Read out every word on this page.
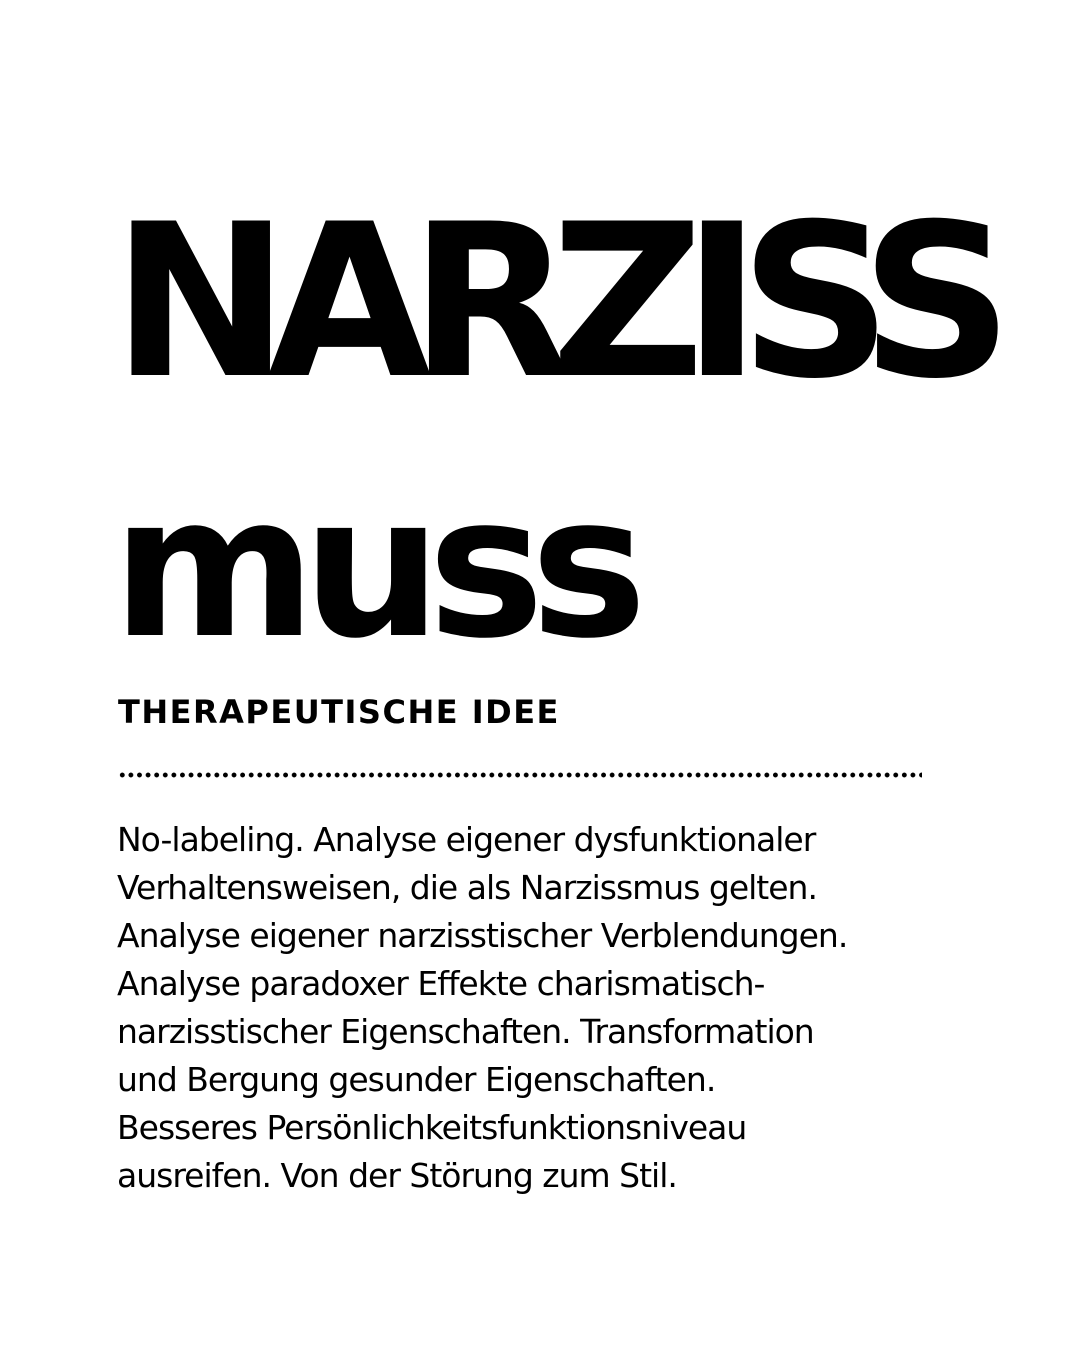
NARZISS
muss
THERAPEUTISCHE IDEE

No-labeling. Analyse eigener dysfunktionaler
Verhaltensweisen, die als Narzissmus gelten.
Analyse eigener narzisstischer Verblendungen.
Analyse paradoxer Effekte charismatisch-
narzisstischer Eigenschaften. Transformation
und Bergung gesunder Eigenschaften.
Besseres Persönlichkeitsfunktionsniveau
ausreifen. Von der Störung zum Stil.
